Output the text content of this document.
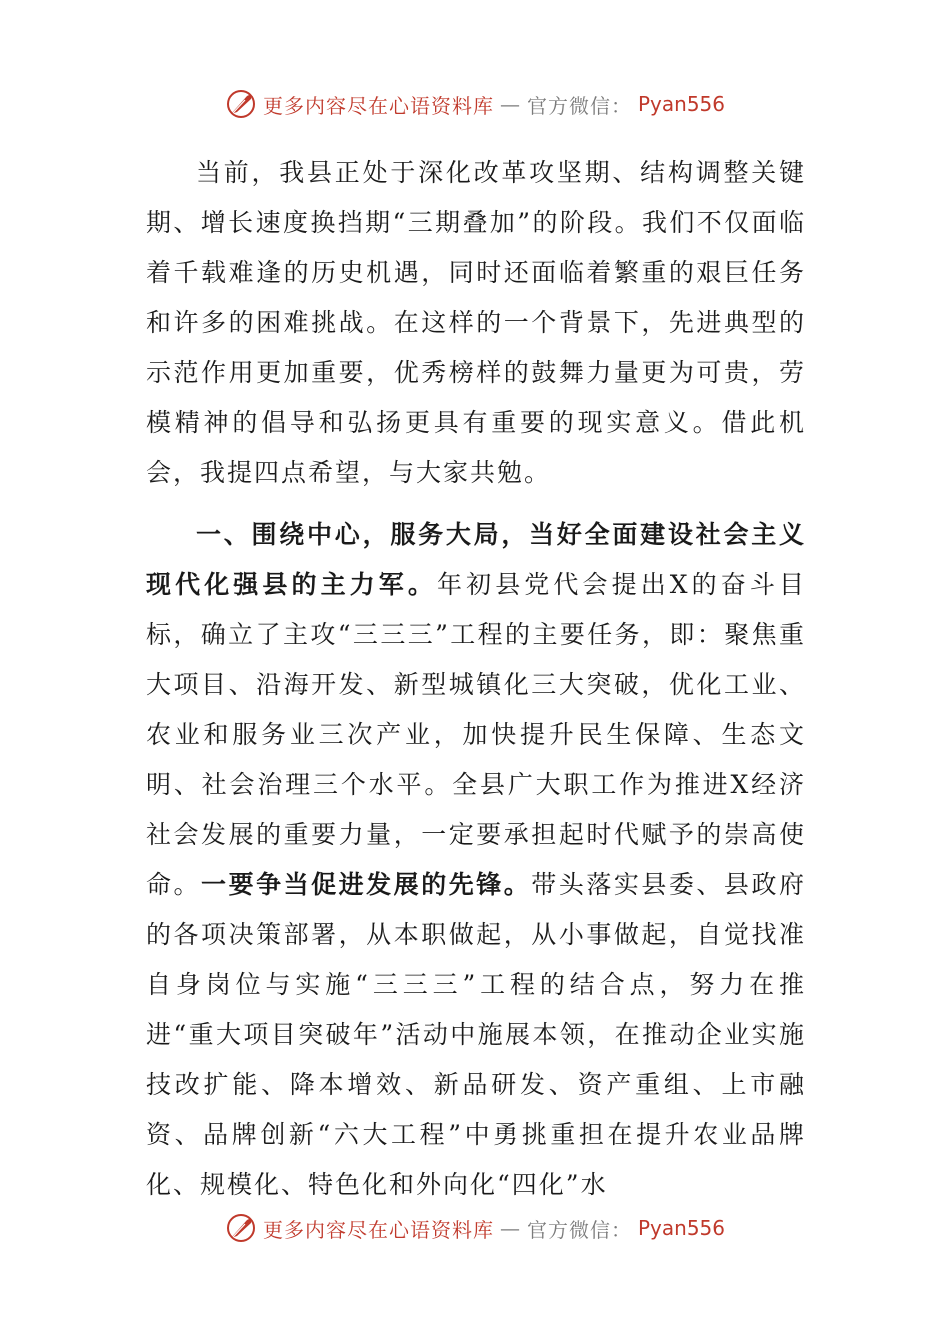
更多内容尽在心语资料库 — 官方微信： Pyan556

当前，我县正处于深化改革攻坚期、结构调整关键期、增长速度换挡期“三期叠加”的阶段。我们不仅面临着千载难逢的历史机遇，同时还面临着繁重的艰巨任务和许多的困难挑战。在这样的一个背景下，先进典型的示范作用更加重要，优秀榜样的鼓舞力量更为可贵，劳模精神的倡导和弘扬更具有重要的现实意义。借此机会，我提四点希望，与大家共勉。

一、围绕中心，服务大局，当好全面建设社会主义现代化强县的主力军。年初县党代会提出X的奋斗目标，确立了主攻“三三三”工程的主要任务，即：聚焦重大项目、沿海开发、新型城镇化三大突破，优化工业、农业和服务业三次产业，加快提升民生保障、生态文明、社会治理三个水平。全县广大职工作为推进X经济社会发展的重要力量，一定要承担起时代赋予的崇高使命。一要争当促进发展的先锋。带头落实县委、县政府的各项决策部署，从本职做起，从小事做起，自觉找准自身岗位与实施“三三三”工程的结合点，努力在推进“重大项目突破年”活动中施展本领，在推动企业实施技改扩能、降本增效、新品研发、资产重组、上市融资、品牌创新“六大工程”中勇挑重担在提升农业品牌化、规模化、特色化和外向化“四化”水

更多内容尽在心语资料库 — 官方微信： Pyan556
